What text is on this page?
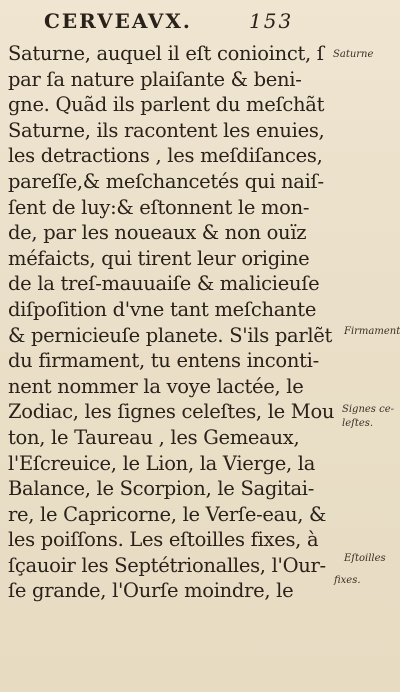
CERVEAVX.	153
Saturne, auquel il eſt conioinct, ſ
par ſa nature plaiſante & beni-
gne. Quãd ils parlent du meſchãt
Saturne, ils racontent les enuies,
les detractions , les meſdiſances,
pareſſe,& meſchancetés qui naiſ-
ſent de luy:& eſtonnent le mon-
de, par les noueaux & non ouïz
méfaicts, qui tirent leur origine
de la treſ-mauuaiſe & malicieuſe
diſpoſition d'vne tant meſchante
& pernicieuſe planete. S'ils parlẽt
du firmament, tu entens inconti-
nent nommer la voye lactée, le
Zodiac, les ſignes celeſtes, le Mou
ton, le Taureau , les Gemeaux,
l'Eſcreuice, le Lion, la Vierge, la
Balance, le Scorpion, le Sagitai-
re, le Capricorne, le Verſe-eau, &
les poiſſons. Les eſtoilles fixes, à
ſçauoir les Septétrionalles, l'Our-
ſe grande, l'Ourſe moindre, le
Saturne
Firmament
Signes ce-
leſtes.
Eſtoilles
fixes.
